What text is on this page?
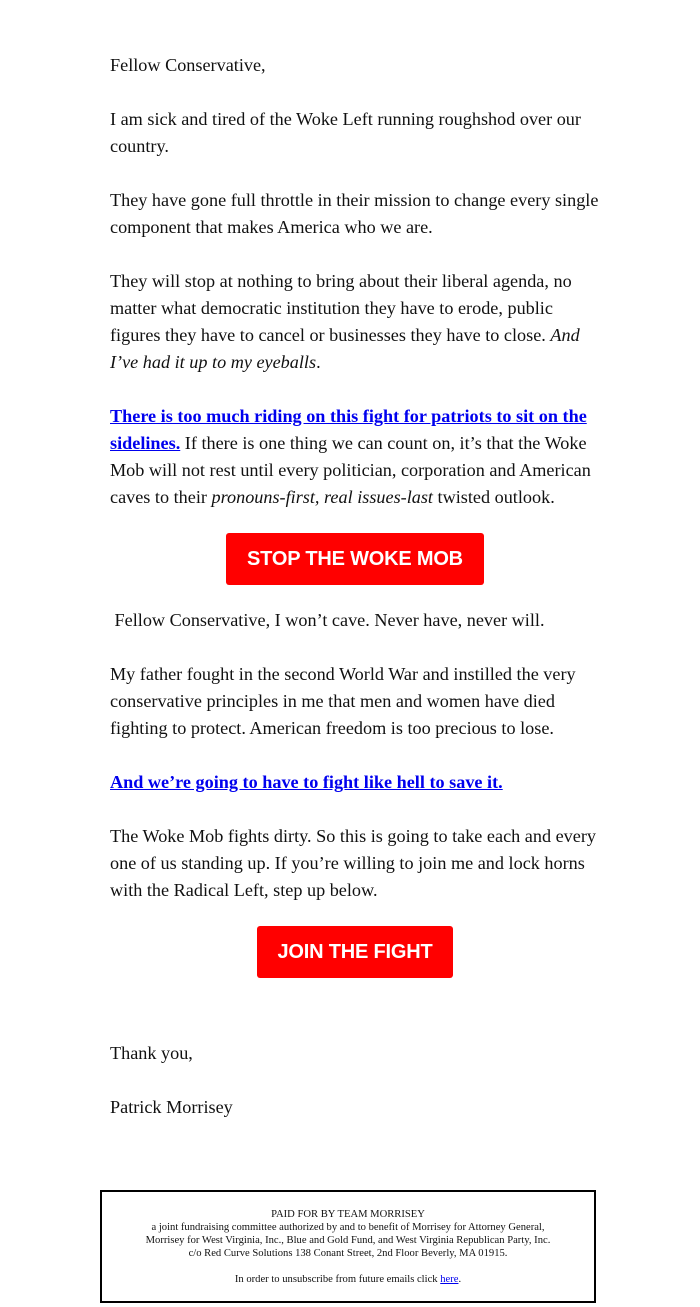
Fellow Conservative,

I am sick and tired of the Woke Left running roughshod over our country.

They have gone full throttle in their mission to change every single component that makes America who we are.

They will stop at nothing to bring about their liberal agenda, no matter what democratic institution they have to erode, public figures they have to cancel or businesses they have to close. And I’ve had it up to my eyeballs.

There is too much riding on this fight for patriots to sit on the sidelines. If there is one thing we can count on, it’s that the Woke Mob will not rest until every politician, corporation and American caves to their pronouns-first, real issues-last twisted outlook.

STOP THE WOKE MOB

Fellow Conservative, I won’t cave. Never have, never will.

My father fought in the second World War and instilled the very conservative principles in me that men and women have died fighting to protect. American freedom is too precious to lose.

And we’re going to have to fight like hell to save it.

The Woke Mob fights dirty. So this is going to take each and every one of us standing up. If you’re willing to join me and lock horns with the Radical Left, step up below.

JOIN THE FIGHT

Thank you,

Patrick Morrisey

PAID FOR BY TEAM MORRISEY
a joint fundraising committee authorized by and to benefit of Morrisey for Attorney General,
Morrisey for West Virginia, Inc., Blue and Gold Fund, and West Virginia Republican Party, Inc.
c/o Red Curve Solutions 138 Conant Street, 2nd Floor Beverly, MA 01915.
In order to unsubscribe from future emails click here.
